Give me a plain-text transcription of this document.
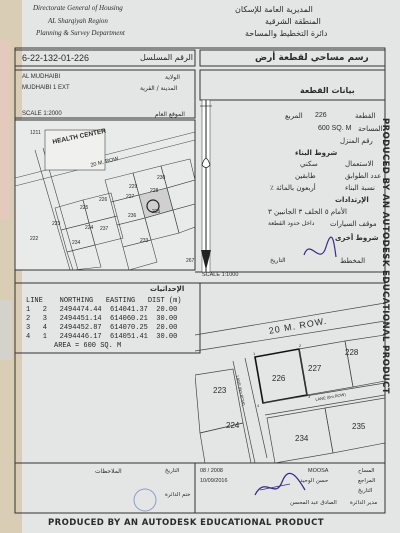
Directorate General of Housing
AL Sharqiyah Region
Planning & Survey Department
المديرية العامة للإسكان
المنطقة الشرقية
دائرة التخطيط والمساحة
6-22-132-01-226	الرقم المسلسل	رسم مساحي لقطعة أرض
AL MUDHAIBI	الولاية
MUDHAIBI 1 EXT	المدينة / القرية
SCALE 1:2000	الموقع العام
بيانات القطعة
226	القطعة
المربع
600 SQ. M المساحة
رقم المنزل
شروط البناء
الاستعمال
سكني
عدد الطوابق
طابقين
نسبة البناء
٪ أربعون بالمائة
الإرتدادات
الأمام ٥ الخلف ٣ الجانبين ٣
موقف السيارات
داخل حدود القطعة
شروط أخرى
المخطط
التاريخ
HEALTH CENTER
1211
20 M. ROW
229
230
227
228
226
225
224
223
235
236
237
234	233
222
267
SCALE 1:1000
الإحداثيات
LINE NORTHING EASTING DIST (m)
1   2 2494474.44 614041.37 20.00
2   3 2494451.14 614060.21 30.00
3   4 2494452.87 614070.25 20.00
4   1 2494446.17 614051.41 30.00
AREA = 600 SQ. M
1
2
3
4
20 M. ROW.
LANE (6m.ROW)	LANE (6m.ROW)
226
227
228
223
224
234
235
الملاحظات	08 / 2008
التاريخ
ختم الدائرة
MOOSA	المساح
حسن الوحيد	المراجع
10/09/2016
التاريخ
الصادق عبد المحسن مدير الدائرة
PRODUCED BY AN AUTODESK EDUCATIONAL PRODUCT
PRODUCED BY AN AUTODESK EDUCATIONAL PRODUCT
